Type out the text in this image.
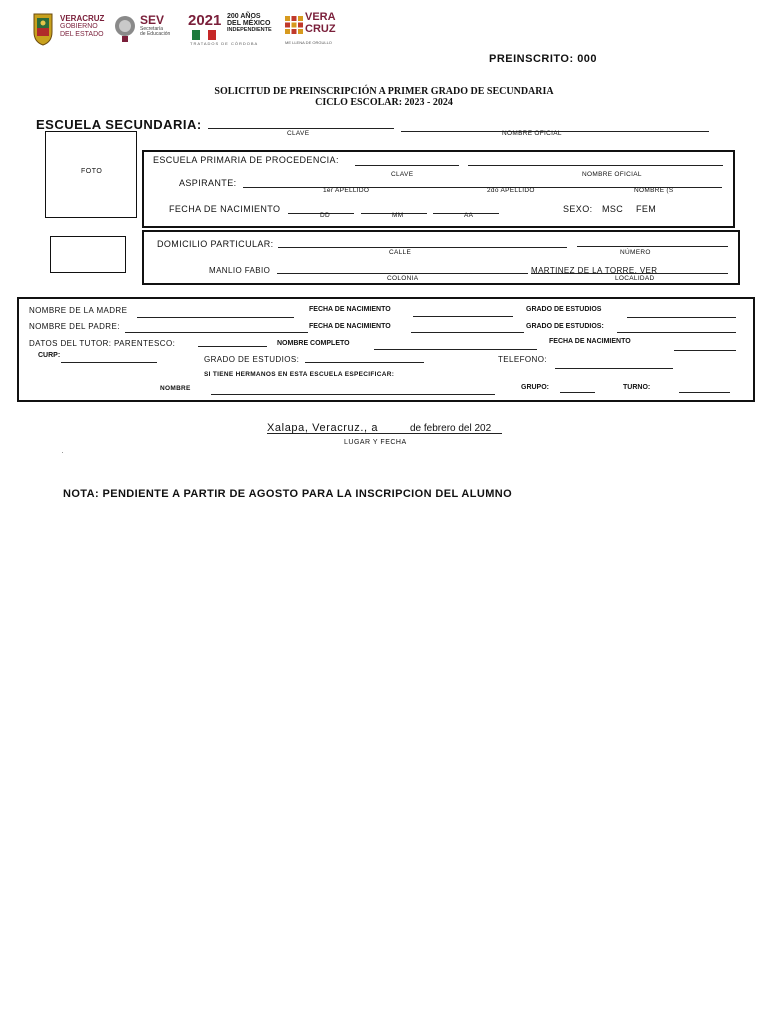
VERACRUZ
GOBIERNO
DEL ESTADO
SEV
Secretaría
de Educación
2021 200 AÑOS
DEL MÉXICO
INDEPENDIENTE
TRATADOS DE CÓRDOBA
VERA
CRUZ
ME LLENA DE ORGULLO
PREINSCRITO: 000
SOLICITUD DE PREINSCRIPCIÓN A PRIMER GRADO DE SECUNDARIA
CICLO ESCOLAR: 2023 - 2024
ESCUELA SECUNDARIA:
CLAVE	NOMBRE OFICIAL
FOTO
ESCUELA PRIMARIA DE PROCEDENCIA:
CLAVE	NOMBRE OFICIAL
ASPIRANTE:
1er APELLIDO	2do APELLIDO	NOMBRE (S
FECHA DE NACIMIENTO
DD	MM	AA
SEXO: MSC FEM
DOMICILIO PARTICULAR:
CALLE	NÚMERO
MANLIO FABIO	MARTINEZ DE LA TORRE, VER
COLONIA	LOCALIDAD
NOMBRE DE LA MADRE	FECHA DE NACIMIENTO	GRADO DE ESTUDIOS
NOMBRE DEL PADRE:	FECHA DE NACIMIENTO	GRADO DE ESTUDIOS:
DATOS DEL TUTOR: PARENTESCO:	NOMBRE COMPLETO	FECHA DE NACIMIENTO
CURP:	GRADO DE ESTUDIOS:	TELEFONO:
SI TIENE HERMANOS EN ESTA ESCUELA ESPECIFICAR:
NOMBRE	GRUPO:	TURNO:
Xalapa, Veracruz., a	de febrero del 202
LUGAR Y FECHA
NOTA: PENDIENTE A PARTIR DE AGOSTO PARA LA INSCRIPCION DEL ALUMNO
